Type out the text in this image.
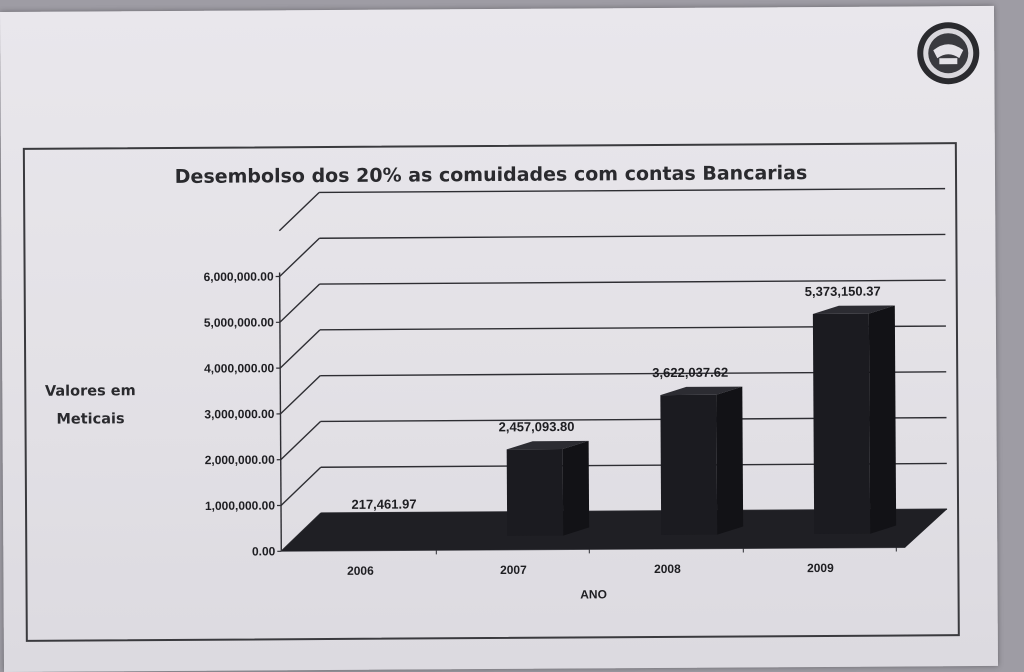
Desembolso dos 20% as comuidades com contas Bancarias
Valores em
Meticais
ANO
0.00
1,000,000.00
2,000,000.00
3,000,000.00
4,000,000.00
5,000,000.00
6,000,000.00
217,461.97
2006
2,457,093.80
2007
3,622,037.62
2008
5,373,150.37
2009
